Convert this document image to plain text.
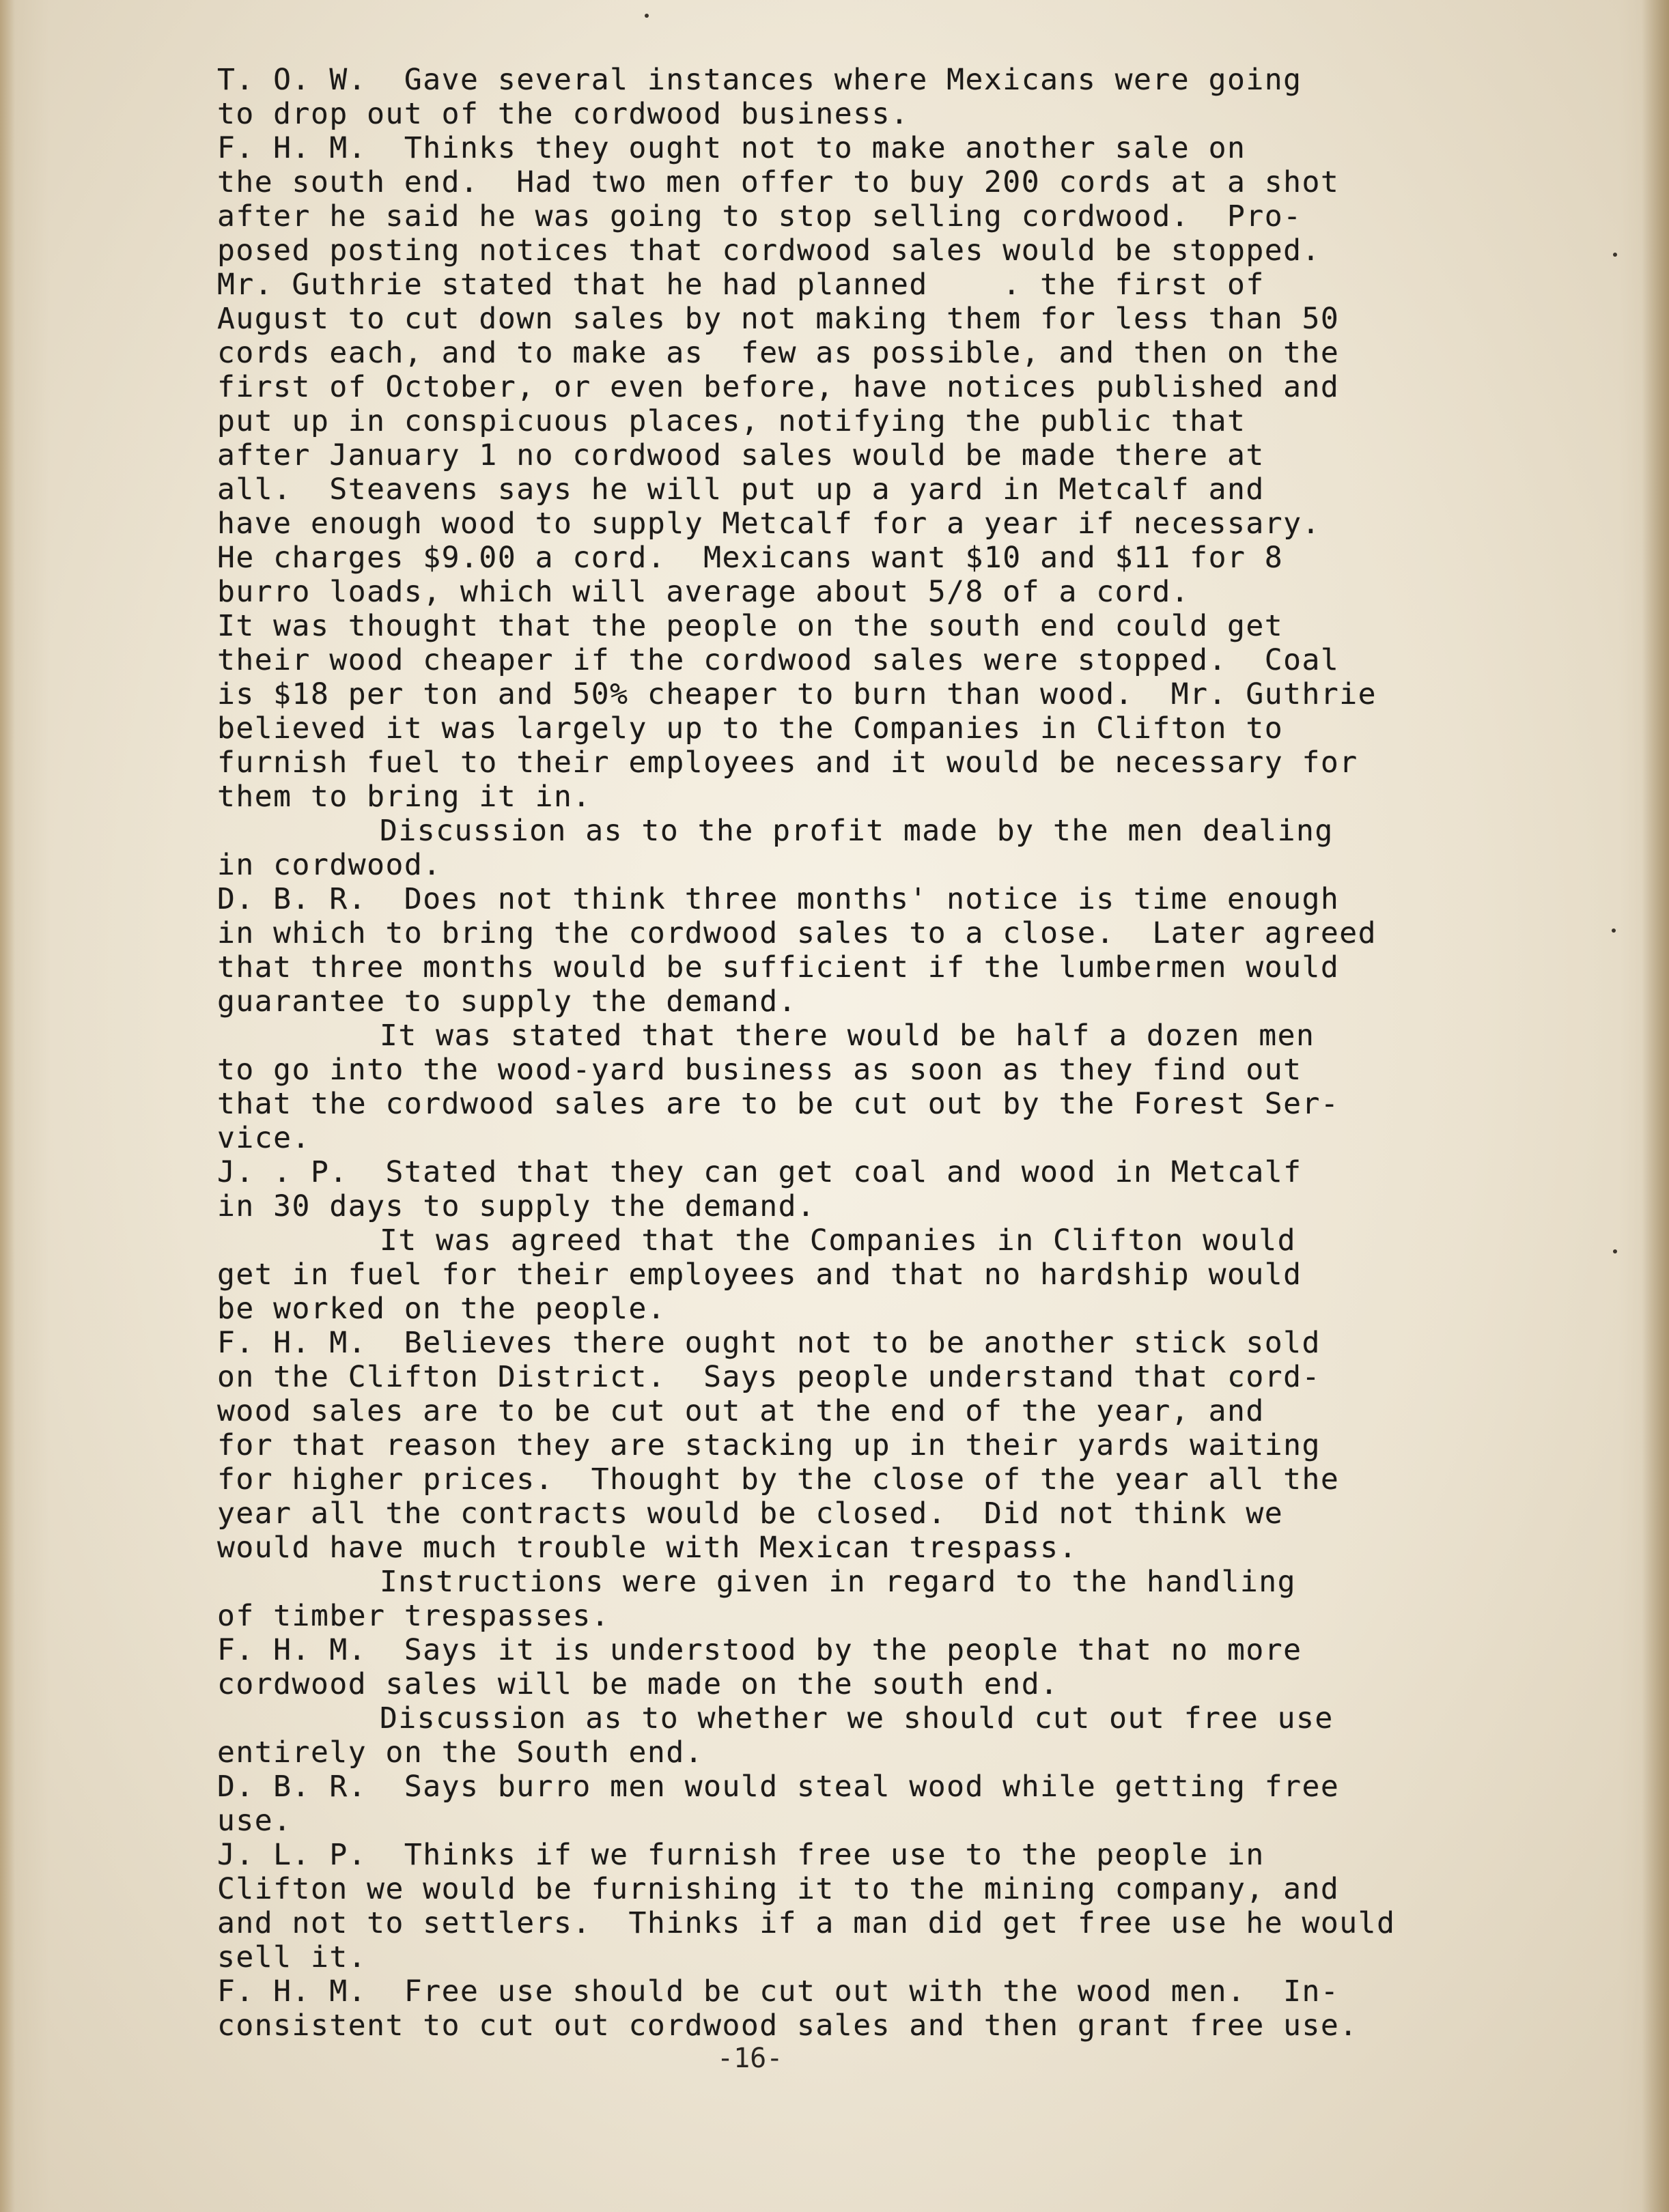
T. O. W.  Gave several instances where Mexicans were going
to drop out of the cordwood business.
F. H. M.  Thinks they ought not to make another sale on
the south end.  Had two men offer to buy 200 cords at a shot
after he said he was going to stop selling cordwood.  Pro-
posed posting notices that cordwood sales would be stopped.
Mr. Guthrie stated that he had planned    . the first of
August to cut down sales by not making them for less than 50
cords each, and to make as  few as possible, and then on the
first of October, or even before, have notices published and
put up in conspicuous places, notifying the public that
after January 1 no cordwood sales would be made there at
all.  Steavens says he will put up a yard in Metcalf and
have enough wood to supply Metcalf for a year if necessary.
He charges $9.00 a cord.  Mexicans want $10 and $11 for 8
burro loads, which will average about 5/8 of a cord.
It was thought that the people on the south end could get
their wood cheaper if the cordwood sales were stopped.  Coal
is $18 per ton and 50% cheaper to burn than wood.  Mr. Guthrie
believed it was largely up to the Companies in Clifton to
furnish fuel to their employees and it would be necessary for
them to bring it in.
Discussion as to the profit made by the men dealing
in cordwood.
D. B. R.  Does not think three months' notice is time enough
in which to bring the cordwood sales to a close.  Later agreed
that three months would be sufficient if the lumbermen would
guarantee to supply the demand.
It was stated that there would be half a dozen men
to go into the wood-yard business as soon as they find out
that the cordwood sales are to be cut out by the Forest Ser-
vice.
J. . P.  Stated that they can get coal and wood in Metcalf
in 30 days to supply the demand.
It was agreed that the Companies in Clifton would
get in fuel for their employees and that no hardship would
be worked on the people.
F. H. M.  Believes there ought not to be another stick sold
on the Clifton District.  Says people understand that cord-
wood sales are to be cut out at the end of the year, and
for that reason they are stacking up in their yards waiting
for higher prices.  Thought by the close of the year all the
year all the contracts would be closed.  Did not think we
would have much trouble with Mexican trespass.
Instructions were given in regard to the handling
of timber trespasses.
F. H. M.  Says it is understood by the people that no more
cordwood sales will be made on the south end.
Discussion as to whether we should cut out free use
entirely on the South end.
D. B. R.  Says burro men would steal wood while getting free
use.
J. L. P.  Thinks if we furnish free use to the people in
Clifton we would be furnishing it to the mining company, and
and not to settlers.  Thinks if a man did get free use he would
sell it.
F. H. M.  Free use should be cut out with the wood men.  In-
consistent to cut out cordwood sales and then grant free use.
-16-
